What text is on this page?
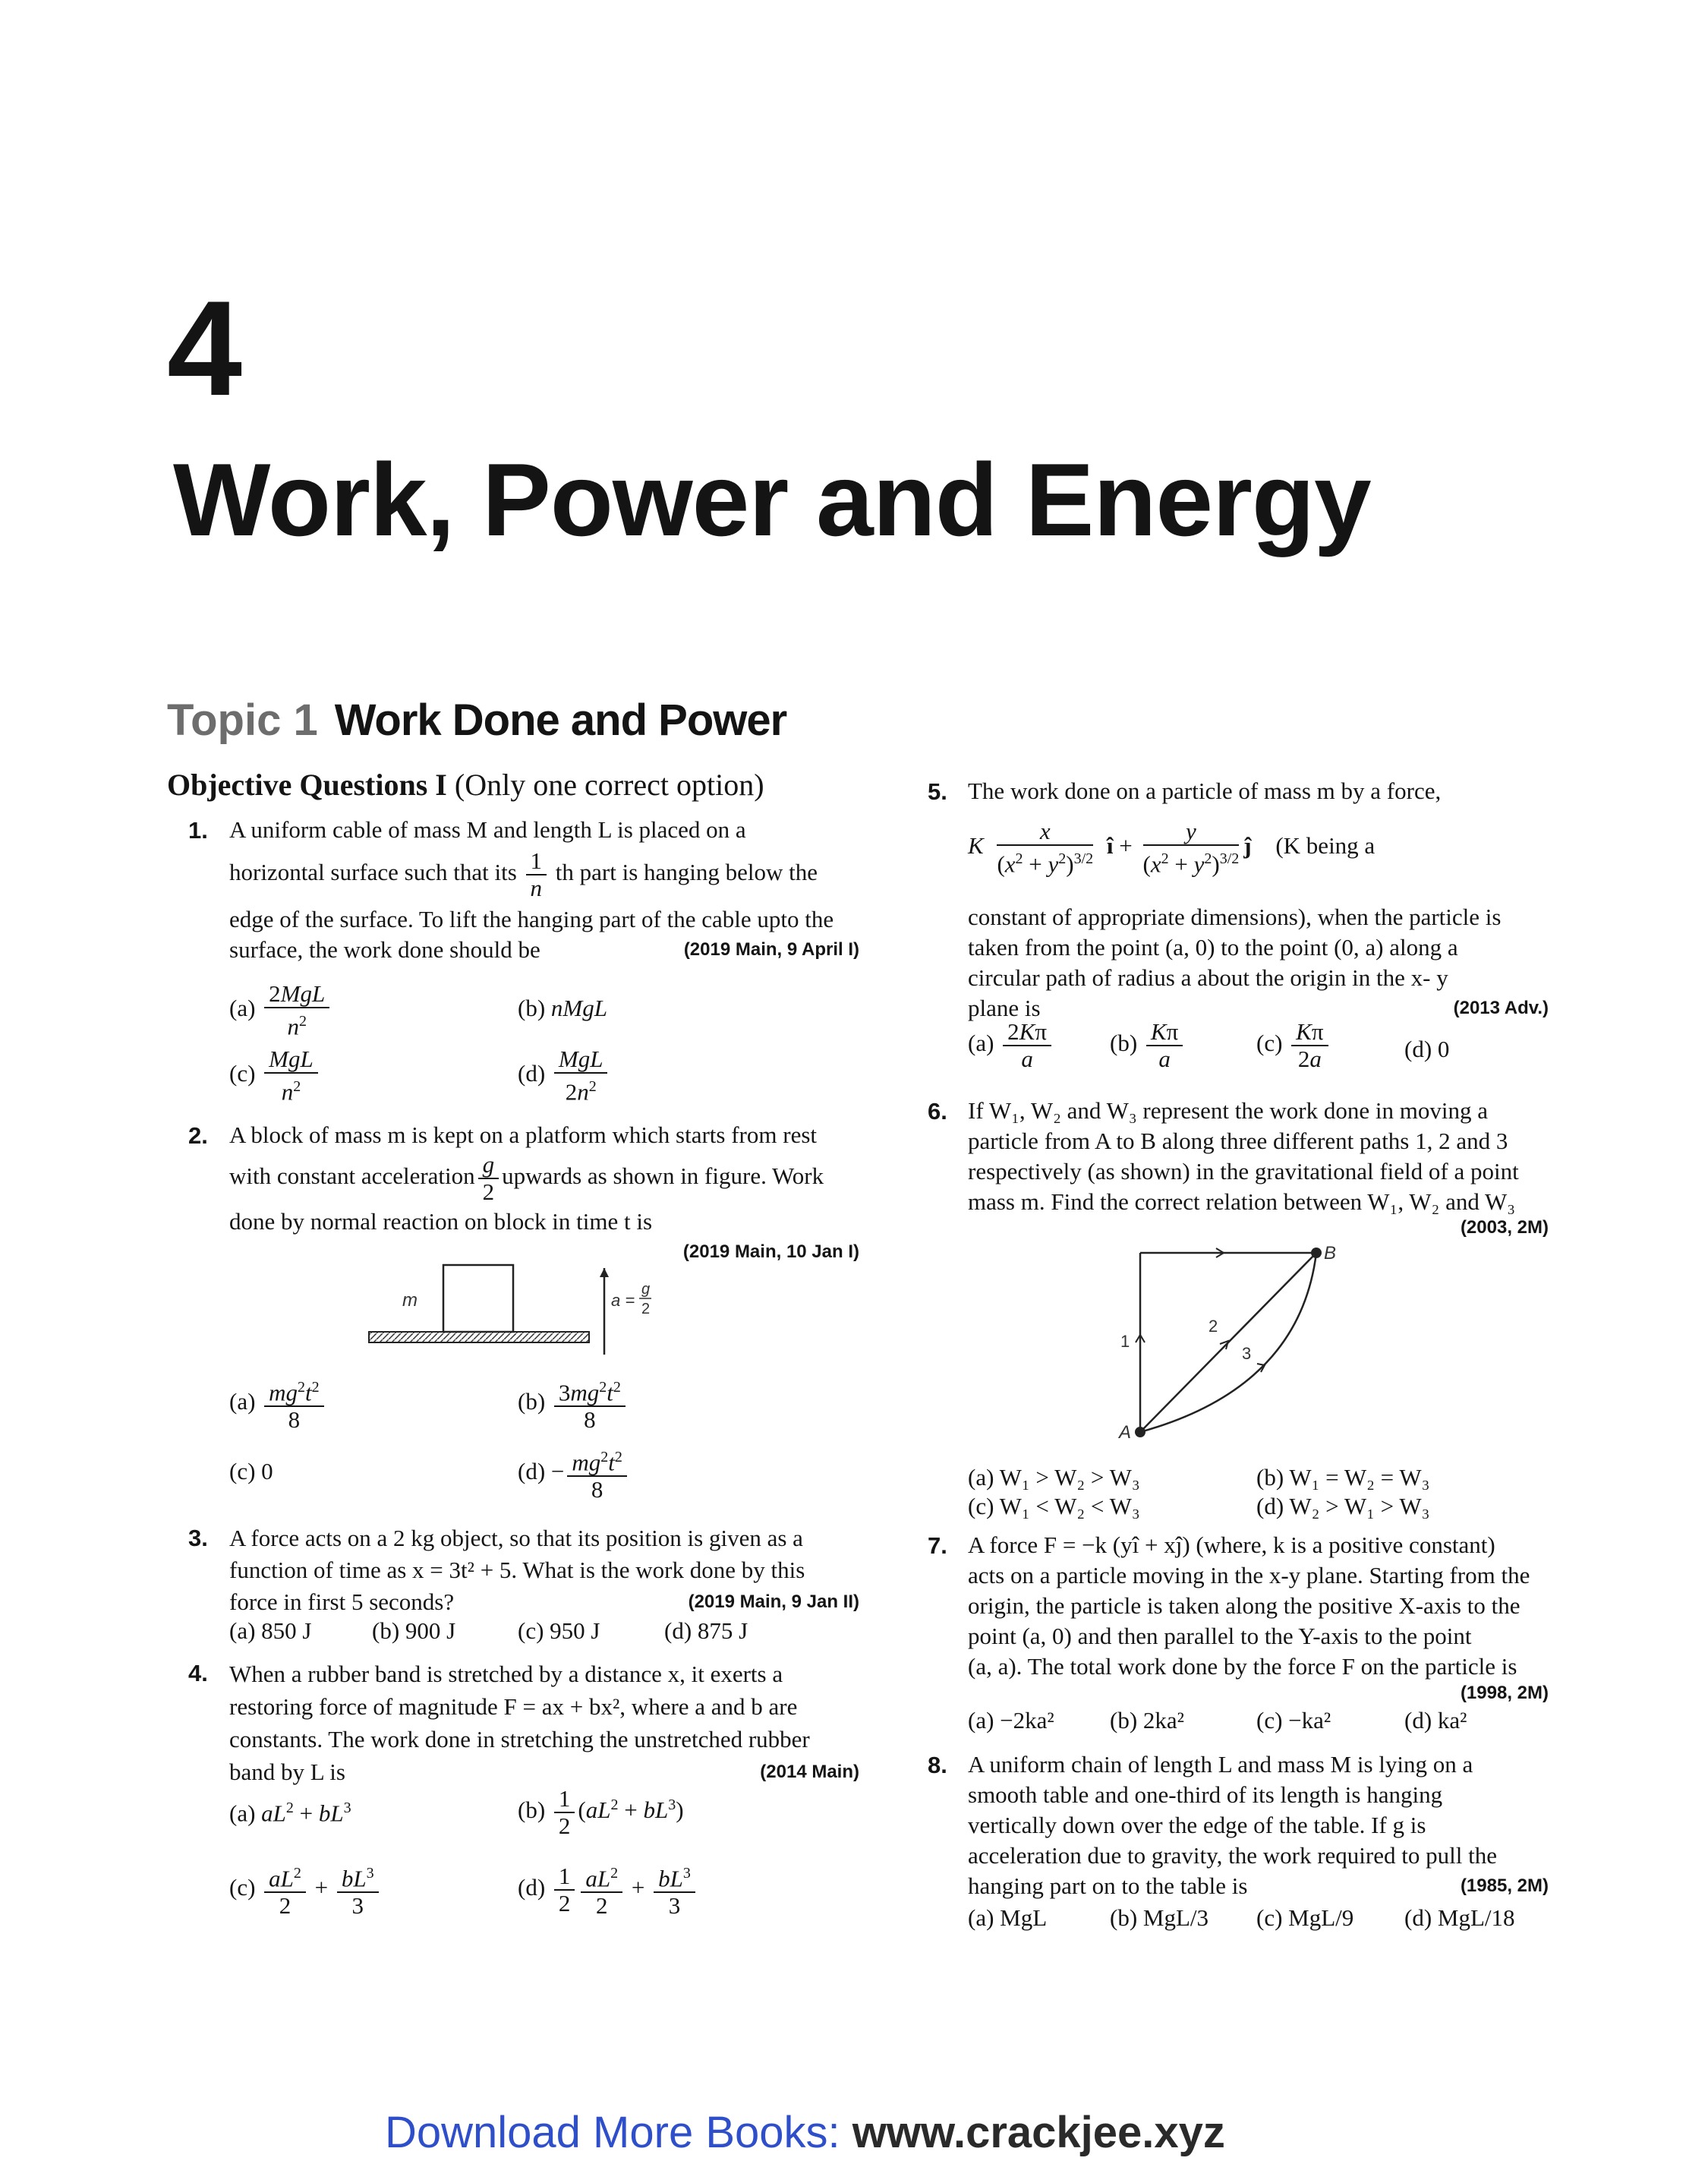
4
Work, Power and Energy
Topic 1 Work Done and Power
Objective Questions I (Only one correct option)
1. A uniform cable of mass M and length L is placed on a
horizontal surface such that its $\frac{1}{n}$ th part is hanging below the
edge of the surface. To lift the hanging part of the cable upto the
surface, the work done should be	(2019 Main, 9 April I)
$(a) \frac{\text{2MgL}}{n^2}$	(b) nMgL
$(c) \frac{\text{MgL}}{n^2}$	$(d) \frac{\text{MgL}}{2n^2}$
2. A block of mass m is kept on a platform which starts from rest
with constant acceleration $\frac{g}{2}$ upwards as shown in figure. Work
done by normal reaction on block in time t is
(2019 Main, 10 Jan I)
m	a =
g
2
$(a) \frac{mg^2t^2}{8}$	$(b) \frac{3mg^2t^2}{8}$
(c) 0	$(d) - \frac{mg^2t^2}{8}$
3. A force acts on a 2 kg object, so that its position is given as a
function of time as x = 3t² + 5. What is the work done by this
force in first 5 seconds?	(2019 Main, 9 Jan II)
(a) 850 J	(b) 900 J	(c) 950 J	(d) 875 J
4. When a rubber band is stretched by a distance x, it exerts a
restoring force of magnitude F = ax + bx², where a and b are
constants. The work done in stretching the unstretched rubber
band by L is	(2014 Main)
(a) $aL^2 + bL^3$	$(b) \frac{1}{2} (aL^2 + bL^3)$
$(c) \frac{aL^2}{2} + \frac{bL^3}{3}$	$(d) \frac{1}{2} \frac{aL^2}{2} + \frac{bL^3}{3}$
5. The work done on a particle of mass m by a force,
K $\frac{x}{(x^2 + y^2)^{3/2}}$ î + $\frac{y}{(x^2 + y^2)^{3/2}}$ ĵ (K being a
constant of appropriate dimensions), when the particle is
taken from the point (a, 0) to the point (0, a) along a
circular path of radius a about the origin in the x- y
plane is	(2013 Adv.)
$(a) \frac{2K\pi}{a} (b) \frac{K\pi}{a}$	$(c) \frac{K\pi}{2a}$	(d) 0
6. If W₁, W₂ and W₃ represent the work done in moving a
particle from A to B along three different paths 1, 2 and 3
respectively (as shown) in the gravitational field of a point
mass m. Find the correct relation between W₁, W₂ and W₃
(2003, 2M)
A
B
1
2
3
(a) W₁ > W₂ > W₃	(b) W₁ = W₂ = W₃
(c) W₁ < W₂ < W₃	(d) W₂ > W₁ > W₃
7. A force F = −k (yî + xĵ) (where, k is a positive constant)
acts on a particle moving in the x-y plane. Starting from the
origin, the particle is taken along the positive X-axis to the
point (a, 0) and then parallel to the Y-axis to the point
(a, a). The total work done by the force F on the particle is
(1998, 2M)
(a) −2ka² (b) 2ka²	(c) −ka²	(d) ka²
8. A uniform chain of length L and mass M is lying on a
smooth table and one-third of its length is hanging
vertically down over the edge of the table. If g is
acceleration due to gravity, the work required to pull the
hanging part on to the table is	(1985, 2M)
(a) MgL	(b) MgL/3 (c) MgL/9 (d) MgL/18
Download More Books: www.crackjee.xyz
